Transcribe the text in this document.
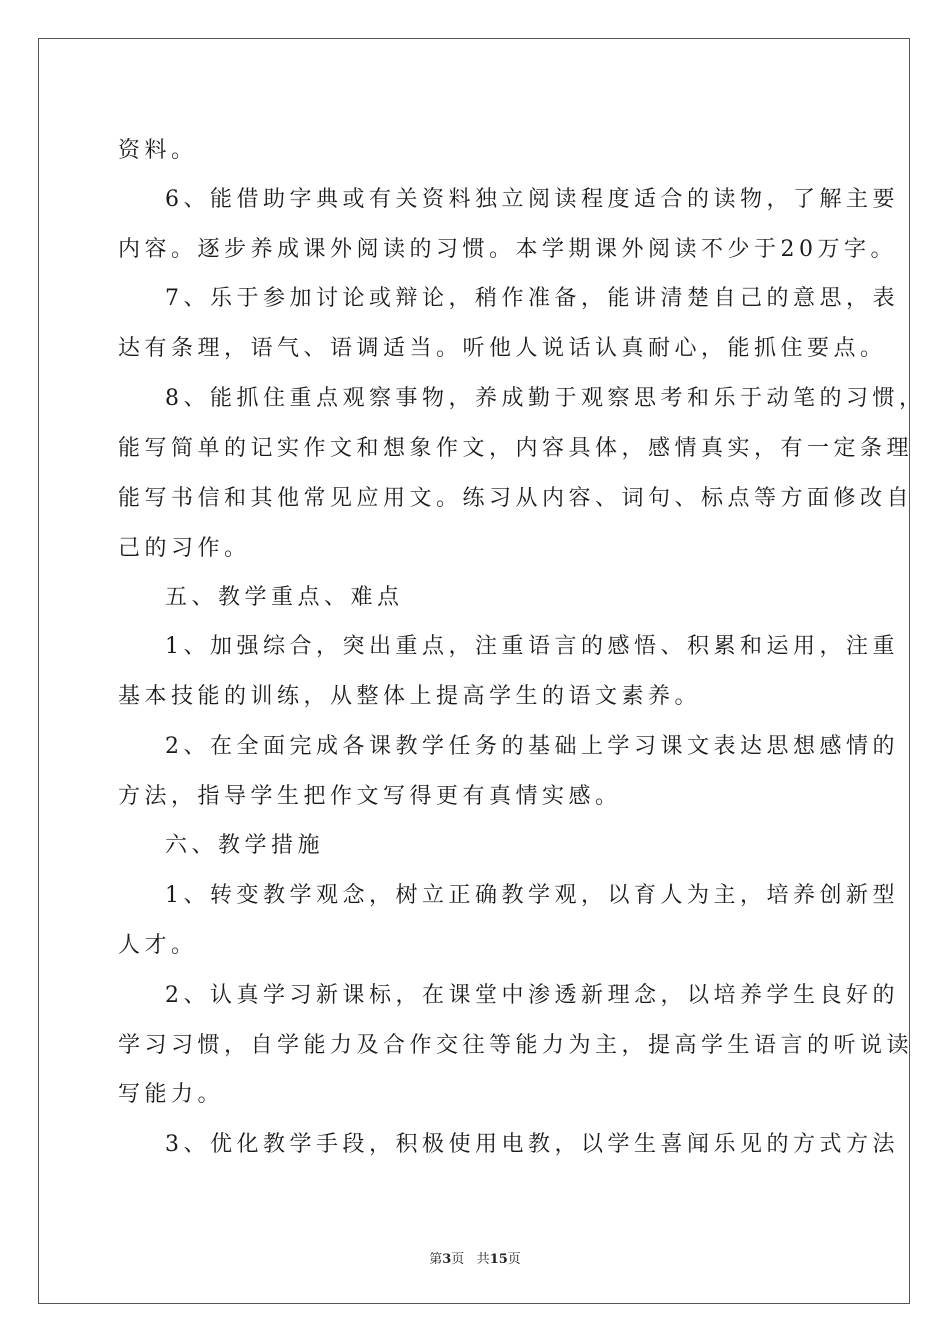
资料。
6、能借助字典或有关资料独立阅读程度适合的读物，了解主要
内容。逐步养成课外阅读的习惯。本学期课外阅读不少于20万字。
7、乐于参加讨论或辩论，稍作准备，能讲清楚自己的意思，表
达有条理，语气、语调适当。听他人说话认真耐心，能抓住要点。
8、能抓住重点观察事物，养成勤于观察思考和乐于动笔的习惯，
能写简单的记实作文和想象作文，内容具体，感情真实，有一定条理
能写书信和其他常见应用文。练习从内容、词句、标点等方面修改自
己的习作。
五、教学重点、难点
1、加强综合，突出重点，注重语言的感悟、积累和运用，注重
基本技能的训练，从整体上提高学生的语文素养。
2、在全面完成各课教学任务的基础上学习课文表达思想感情的
方法，指导学生把作文写得更有真情实感。
六、教学措施
1、转变教学观念，树立正确教学观，以育人为主，培养创新型
人才。
2、认真学习新课标，在课堂中渗透新理念，以培养学生良好的
学习习惯，自学能力及合作交往等能力为主，提高学生语言的听说读
写能力。
3、优化教学手段，积极使用电教，以学生喜闻乐见的方式方法
第3页 共15页
